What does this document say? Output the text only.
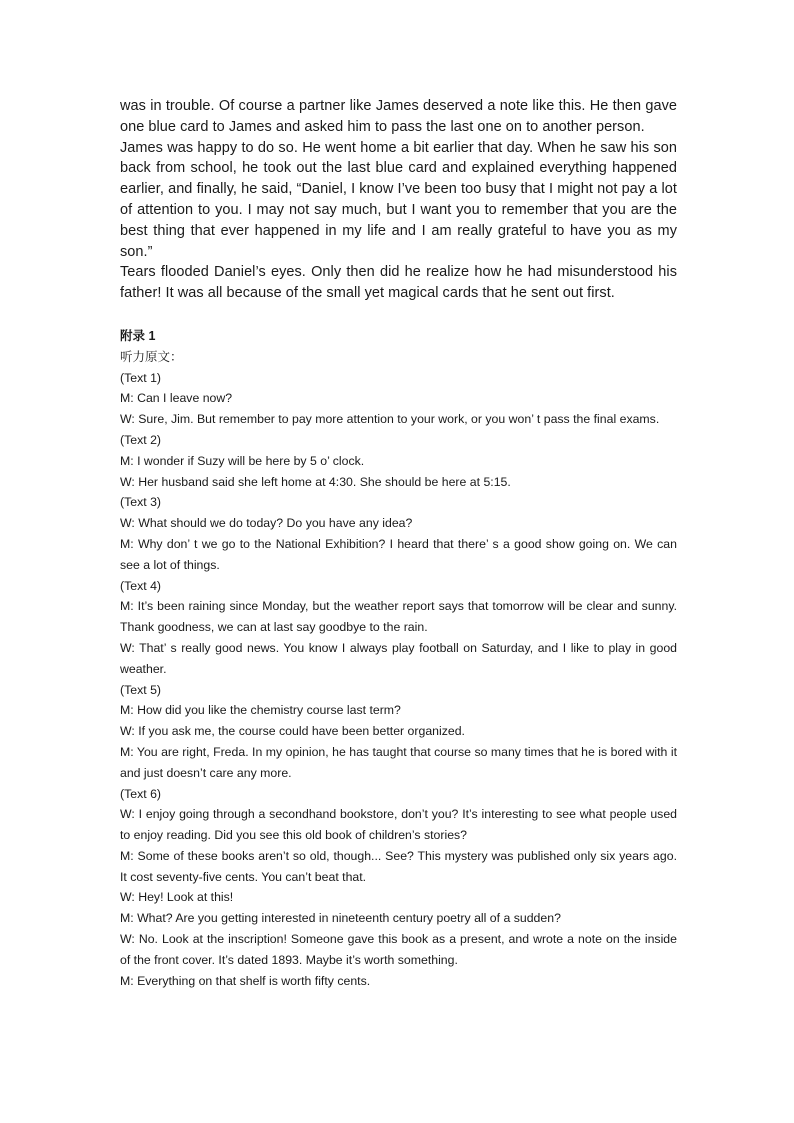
was in trouble. Of course a partner like James deserved a note like this. He then gave one blue card to James and asked him to pass the last one on to another person.

James was happy to do so. He went home a bit earlier that day. When he saw his son back from school, he took out the last blue card and explained everything happened earlier, and finally, he said, “Daniel, I know I’ve been too busy that I might not pay a lot of attention to you. I may not say much, but I want you to remember that you are the best thing that ever happened in my life and I am really grateful to have you as my son.”

Tears flooded Daniel’s eyes. Only then did he realize how he had misunderstood his father! It was all because of the small yet magical cards that he sent out first.

附录 1

听力原文：

(Text 1)

M: Can I leave now?

W: Sure, Jim. But remember to pay more attention to your work, or you won’ t pass the final exams.

(Text 2)

M: I wonder if Suzy will be here by 5 o’ clock.

W: Her husband said she left home at 4:30. She should be here at 5:15.

(Text 3)

W: What should we do today? Do you have any idea?

M: Why don’ t we go to the National Exhibition? I heard that there’ s a good show going on. We can see a lot of things.

(Text 4)

M: It’s been raining since Monday, but the weather report says that tomorrow will be clear and sunny. Thank goodness, we can at last say goodbye to the rain.

W: That’ s really good news. You know I always play football on Saturday, and I like to play in good weather.

(Text 5)

M: How did you like the chemistry course last term?

W: If you ask me, the course could have been better organized.

M: You are right, Freda. In my opinion, he has taught that course so many times that he is bored with it and just doesn’t care any more.

(Text 6)

W: I enjoy going through a secondhand bookstore, don’t you? It’s interesting to see what people used to enjoy reading. Did you see this old book of children’s stories?

M: Some of these books aren’t so old, though... See? This mystery was published only six years ago. It cost seventy-five cents. You can’t beat that.

W: Hey! Look at this!

M: What? Are you getting interested in nineteenth century poetry all of a sudden?

W: No. Look at the inscription! Someone gave this book as a present, and wrote a note on the inside of the front cover. It’s dated 1893. Maybe it’s worth something.

M: Everything on that shelf is worth fifty cents.
